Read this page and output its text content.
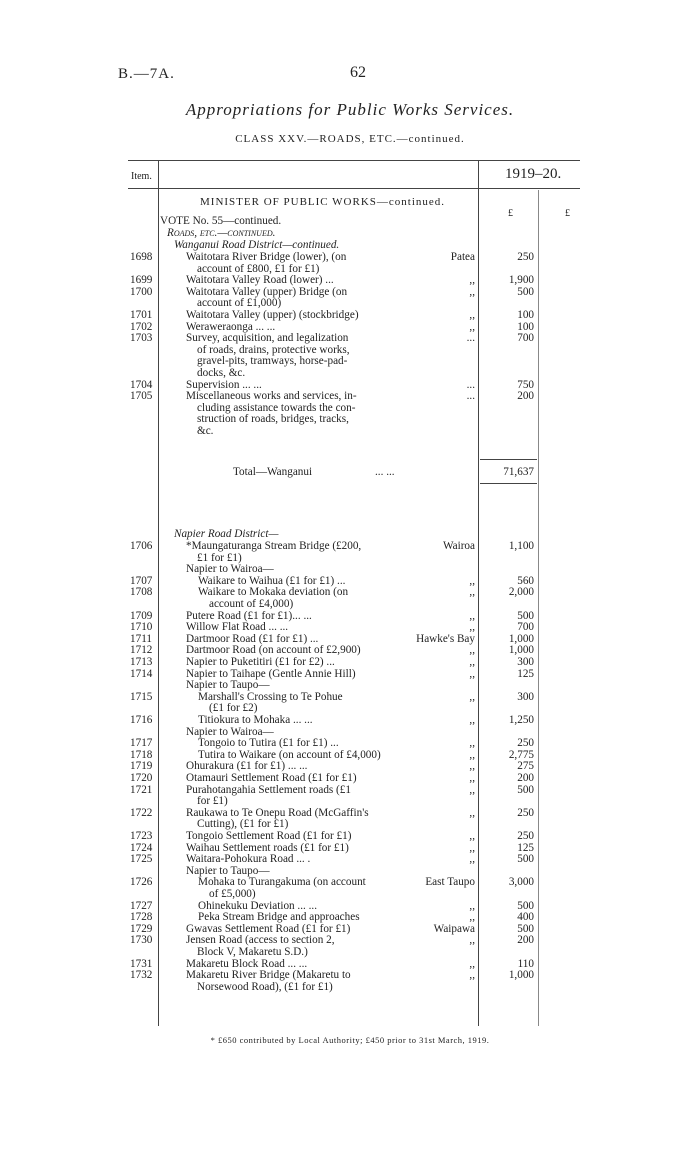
B.—7A.	62
Appropriations for Public Works Services.
CLASS XXV.—ROADS, ETC.—continued.
Item.	1919–20.
£	£
MINISTER OF PUBLIC WORKS—continued.
VOTE No. 55—continued.
Roads, etc.—continued.
Wanganui Road District—continued.
1698	Waitotara River Bridge (lower), (on
account of £800, £1 for £1)
Patea	250
1699	Waitotara Valley Road (lower) ...	,,	1,900
1700	Waitotara Valley (upper) Bridge (on
account of £1,000)
,,	500
1701	Waitotara Valley (upper) (stockbridge)	,,	100
1702	Weraweraonga ... ...	,,	100
1703	Survey, acquisition, and legalization
of roads, drains, protective works,
gravel-pits, tramways, horse-pad-
docks, &c.
...	700
1704	Supervision ... ...	...	750
1705	Miscellaneous works and services, in-
cluding assistance towards the con-
struction of roads, bridges, tracks,
&c.
...	200
Total—Wanganui	... ...	71,637
Napier Road District—
1706	*Maungaturanga Stream Bridge (£200,
£1 for £1)
Wairoa	1,100
Napier to Wairoa—
1707	Waikare to Waihua (£1 for £1) ...	,,	560
1708	Waikare to Mokaka deviation (on
account of £4,000)
,,	2,000
1709	Putere Road (£1 for £1)... ...	,,	500
1710	Willow Flat Road ... ...	,,	700
1711	Dartmoor Road (£1 for £1) ...	Hawke's Bay	1,000
1712	Dartmoor Road (on account of £2,900)	,,	1,000
1713	Napier to Puketitiri (£1 for £2) ...	,,	300
1714	Napier to Taihape (Gentle Annie Hill)	,,	125
Napier to Taupo—
1715	Marshall's Crossing to Te Pohue
(£1 for £2)
,,	300
1716	Titiokura to Mohaka ... ...	,,	1,250
Napier to Wairoa—
1717	Tongoio to Tutira (£1 for £1) ...	,,	250
1718	Tutira to Waikare (on account of £4,000)	,,	2,775
1719	Ohurakura (£1 for £1) ... ...	,,	275
1720	Otamauri Settlement Road (£1 for £1)	,,	200
1721	Purahotangahia Settlement roads (£1
for £1)
,,	500
1722	Raukawa to Te Onepu Road (McGaffin's
Cutting), (£1 for £1)
,,	250
1723	Tongoio Settlement Road (£1 for £1)	,,	250
1724	Waihau Settlement roads (£1 for £1)	,,	125
1725	Waitara-Pohokura Road ... .	,,	500
Napier to Taupo—
1726	Mohaka to Turangakuma (on account
of £5,000)
East Taupo	3,000
1727	Ohinekuku Deviation ... ...	,,	500
1728	Peka Stream Bridge and approaches	,,	400
1729	Gwavas Settlement Road (£1 for £1)	Waipawa	500
1730	Jensen Road (access to section 2,
Block V, Makaretu S.D.)
,,	200
1731	Makaretu Block Road ... ...	,,	110
1732	Makaretu River Bridge (Makaretu to
Norsewood Road), (£1 for £1)
,,	1,000
* £650 contributed by Local Authority; £450 prior to 31st March, 1919.
